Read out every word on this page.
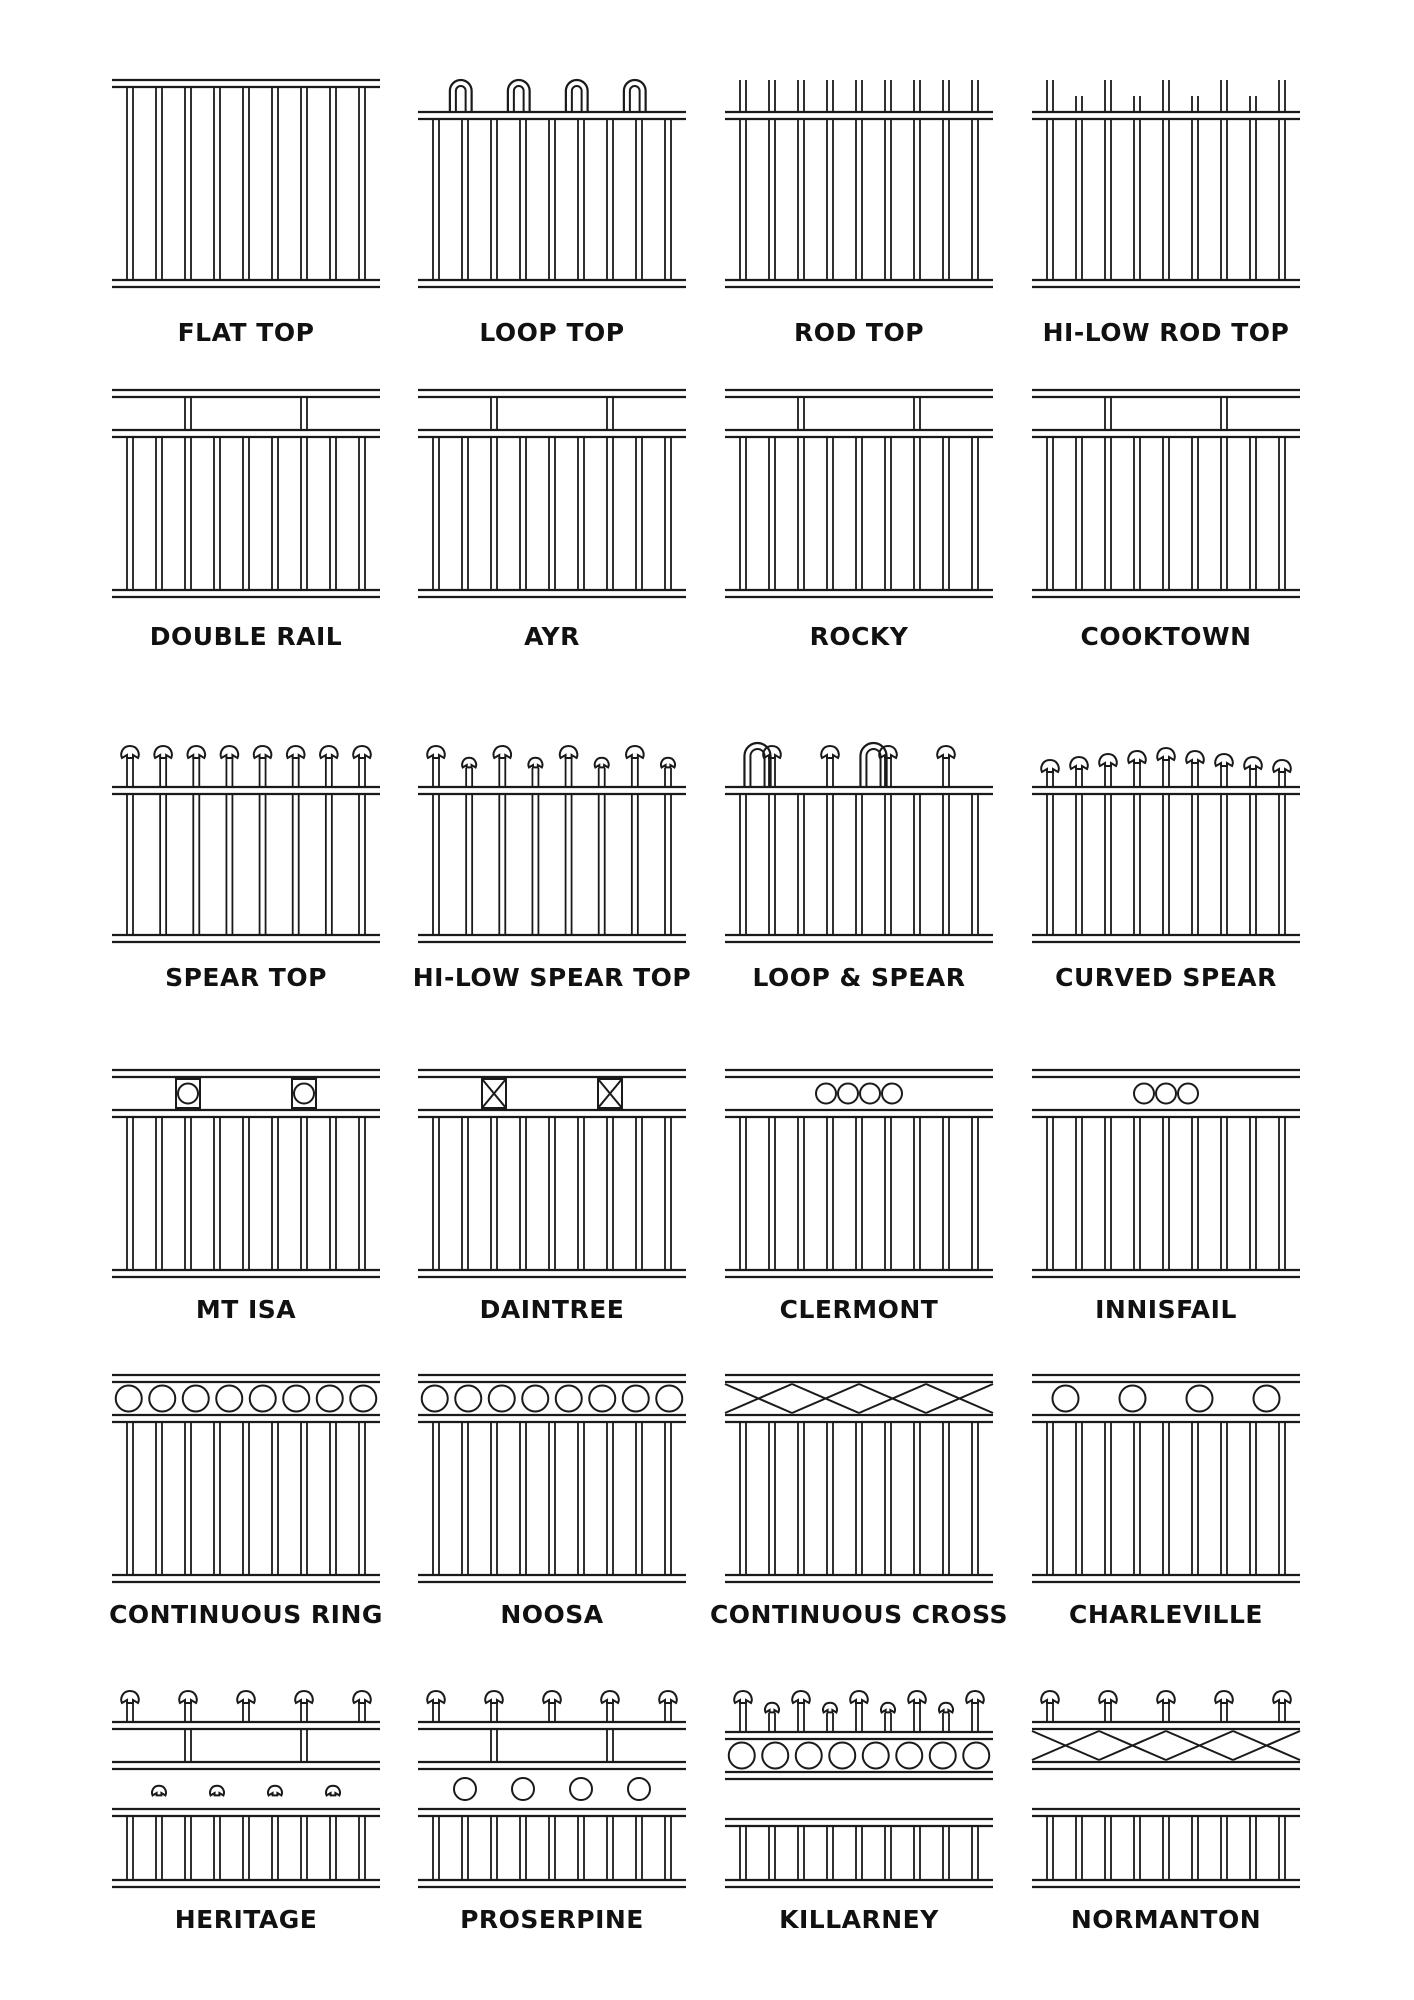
FLAT TOP	LOOP TOP	ROD TOP	HI-LOW ROD TOP
DOUBLE RAIL	AYR	ROCKY	COOKTOWN
SPEAR TOP	HI-LOW SPEAR TOP	LOOP & SPEAR	CURVED SPEAR
MT ISA	DAINTREE	CLERMONT	INNISFAIL
CONTINUOUS RING	NOOSA	CONTINUOUS CROSS	CHARLEVILLE
HERITAGE	PROSERPINE	KILLARNEY	NORMANTON
